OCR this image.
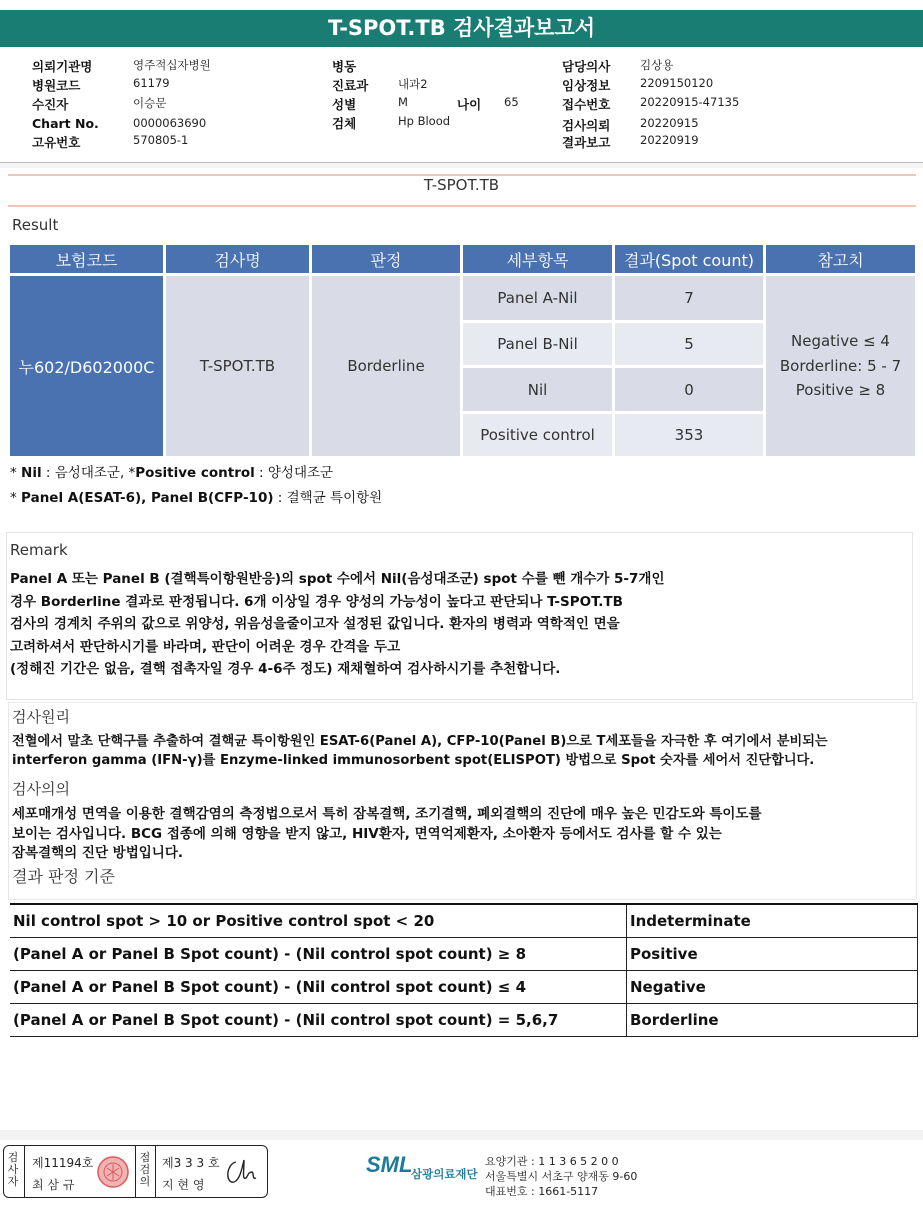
T-SPOT.TB 검사결과보고서
의뢰기관명	영주적십자병원
병원코드	61179
수진자	이승문
Chart No.	0000063690
고유번호	570805-1
병동
진료과	내과2
성별	M	나이 65
검체	Hp Blood
담당의사	김상용
임상정보	2209150120
접수번호	20220915-47135
검사의뢰	20220915
결과보고	20220919
T-SPOT.TB
Result
보험코드	검사명	판정	세부항목	결과(Spot count)	참고치
누602/D602000C	T-SPOT.TB	Borderline
Panel A-Nil	7
Panel B-Nil	5
Nil	0
Positive control	353
Negative ≤ 4
Borderline: 5 - 7
Positive ≥ 8
* Nil : 음성대조군, *Positive control : 양성대조군
* Panel A(ESAT-6), Panel B(CFP-10) : 결핵균 특이항원
Remark
Panel A 또는 Panel B (결핵특이항원반응)의 spot 수에서 Nil(음성대조군) spot 수를 뺀 개수가 5-7개인
경우 Borderline 결과로 판정됩니다. 6개 이상일 경우 양성의 가능성이 높다고 판단되나 T-SPOT.TB
검사의 경계치 주위의 값으로 위양성, 위음성을줄이고자 설정된 값입니다. 환자의 병력과 역학적인 면을
고려하셔서 판단하시기를 바라며, 판단이 어려운 경우 간격을 두고
(정해진 기간은 없음, 결핵 접촉자일 경우 4-6주 정도) 재채혈하여 검사하시기를 추천합니다.
검사원리
전혈에서 말초 단핵구를 추출하여 결핵균 특이항원인 ESAT-6(Panel A), CFP-10(Panel B)으로 T세포들을 자극한 후 여기에서 분비되는
interferon gamma (IFN-γ)를 Enzyme-linked immunosorbent spot(ELISPOT) 방법으로 Spot 숫자를 세어서 진단합니다.
검사의의
세포매개성 면역을 이용한 결핵감염의 측정법으로서 특히 잠복결핵, 조기결핵, 폐외결핵의 진단에 매우 높은 민감도와 특이도를
보이는 검사입니다. BCG 접종에 의해 영향을 받지 않고, HIV환자, 면역억제환자, 소아환자 등에서도 검사를 할 수 있는
잠복결핵의 진단 방법입니다.
결과 판정 기준
Nil control spot > 10 or Positive control spot < 20	Indeterminate
(Panel A or Panel B Spot count) - (Nil control spot count) ≥ 8	Positive
(Panel A or Panel B Spot count) - (Nil control spot count) ≤ 4	Negative
(Panel A or Panel B Spot count) - (Nil control spot count) = 5,6,7	Borderline
검
사
자
제11194호
최 삼 규
점
검
의
제3 3 3 호
지 현 영
SML
삼광의료재단
요양기관 : 1 1 3 6 5 2 0 0
서울특별시 서초구 양재동 9-60
대표번호 : 1661-5117
